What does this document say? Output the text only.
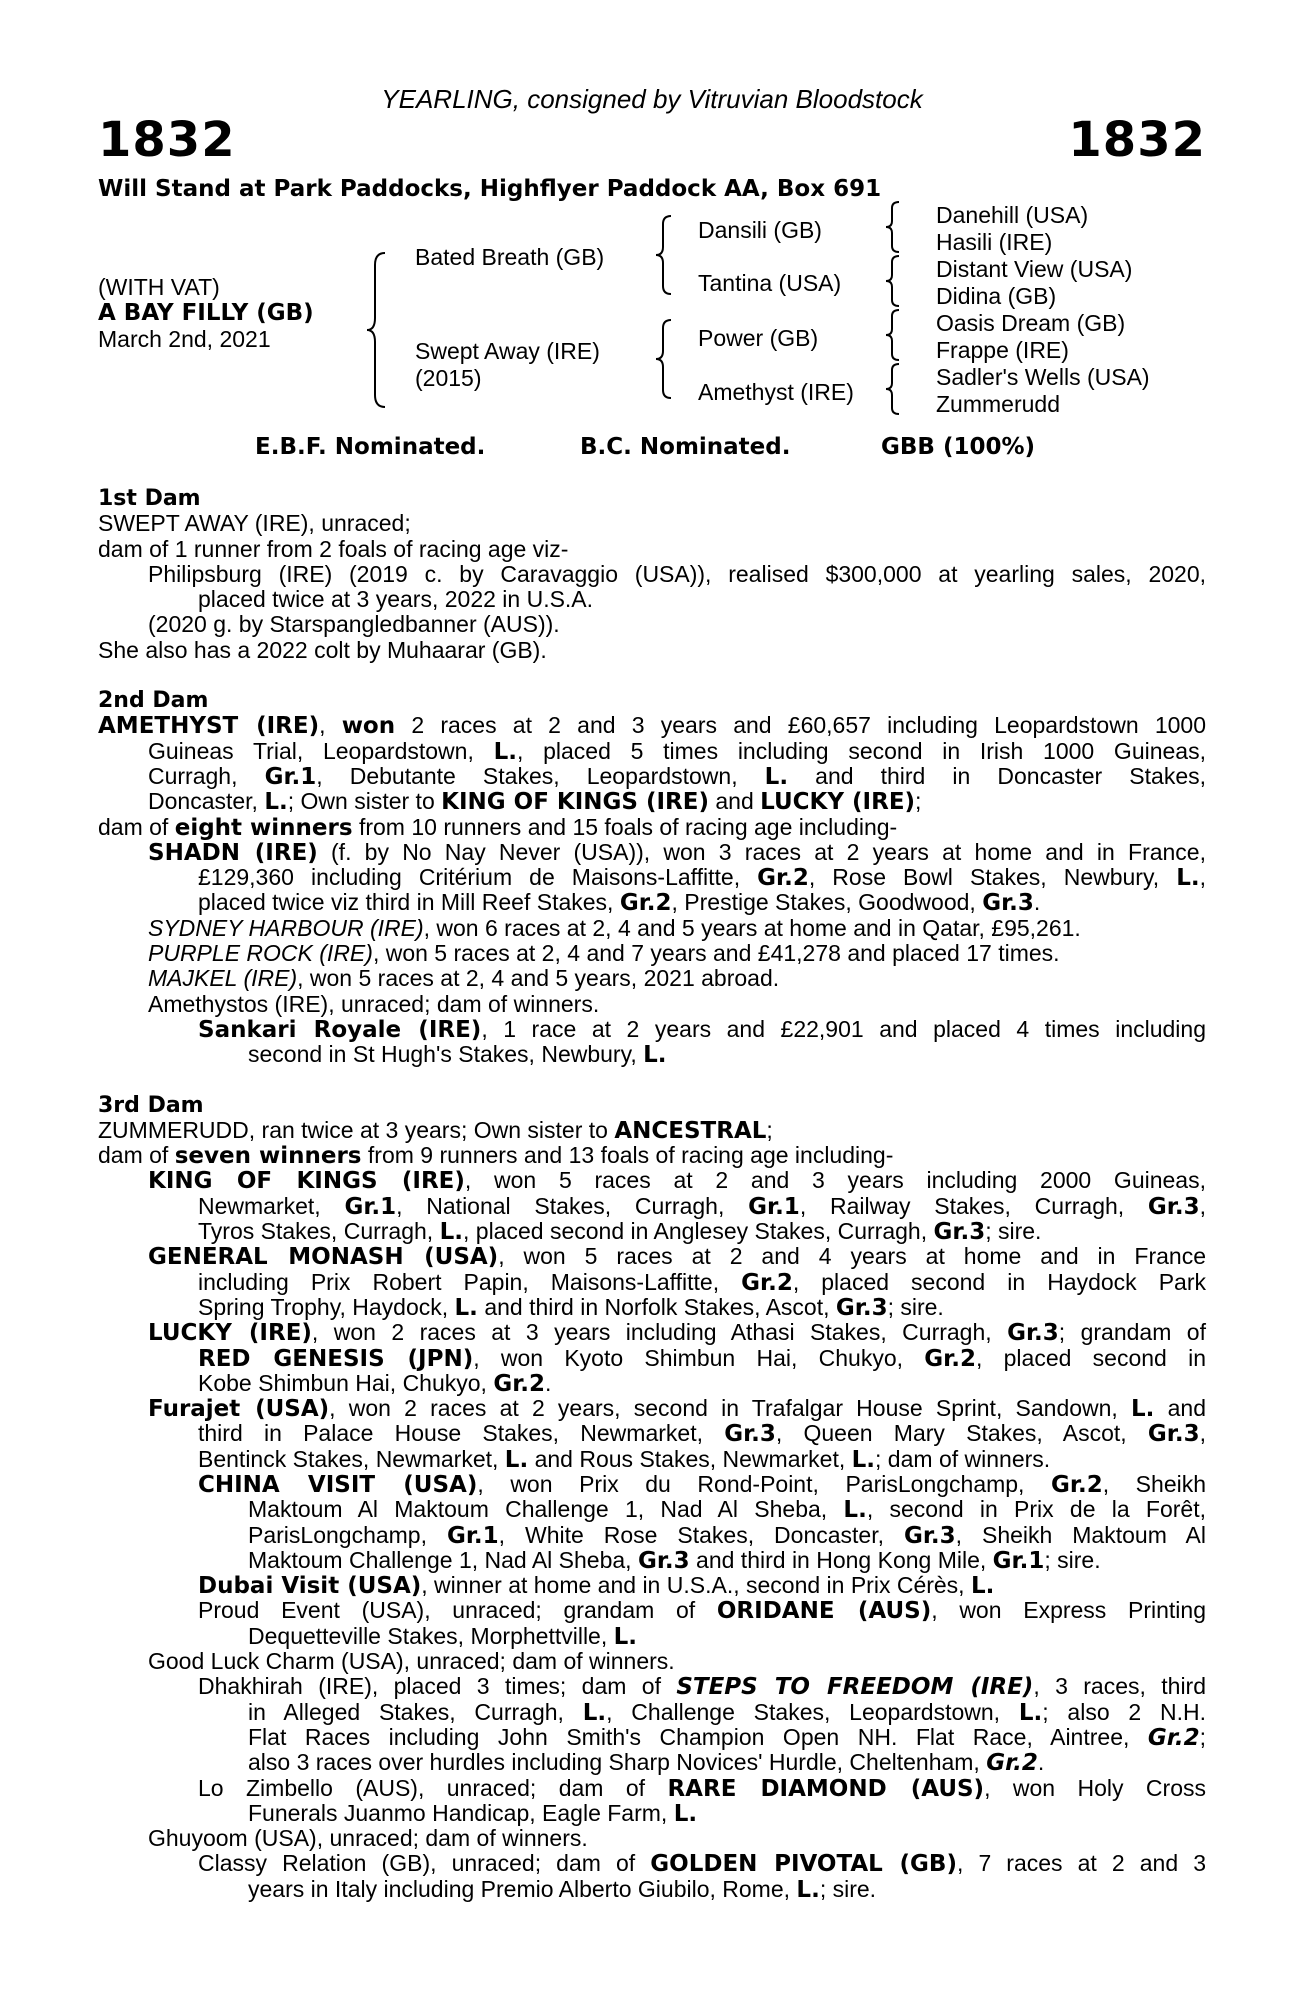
YEARLING, consigned by Vitruvian Bloodstock
1832	1832
Will Stand at Park Paddocks, Highflyer Paddock AA, Box 691
(WITH VAT)
A BAY FILLY (GB)
March 2nd, 2021
Bated Breath (GB)
Swept Away (IRE)
(2015)
Dansili (GB)
Tantina (USA)
Power (GB)
Amethyst (IRE)
Danehill (USA)
Hasili (IRE)
Distant View (USA)
Didina (GB)
Oasis Dream (GB)
Frappe (IRE)
Sadler's Wells (USA)
Zummerudd
E.B.F. Nominated.	B.C. Nominated.	GBB (100%)
1st Dam
SWEPT AWAY (IRE), unraced;
dam of 1 runner from 2 foals of racing age viz-
Philipsburg (IRE) (2019 c. by Caravaggio (USA)), realised $300,000 at yearling sales, 2020,
placed twice at 3 years, 2022 in U.S.A.
(2020 g. by Starspangledbanner (AUS)).
She also has a 2022 colt by Muhaarar (GB).
2nd Dam
AMETHYST (IRE), won 2 races at 2 and 3 years and £60,657 including Leopardstown 1000
Guineas Trial, Leopardstown, L., placed 5 times including second in Irish 1000 Guineas,
Curragh, Gr.1, Debutante Stakes, Leopardstown, L. and third in Doncaster Stakes,
Doncaster, L.; Own sister to KING OF KINGS (IRE) and LUCKY (IRE);
dam of eight winners from 10 runners and 15 foals of racing age including-
SHADN (IRE) (f. by No Nay Never (USA)), won 3 races at 2 years at home and in France,
£129,360 including Critérium de Maisons-Laffitte, Gr.2, Rose Bowl Stakes, Newbury, L.,
placed twice viz third in Mill Reef Stakes, Gr.2, Prestige Stakes, Goodwood, Gr.3.
SYDNEY HARBOUR (IRE), won 6 races at 2, 4 and 5 years at home and in Qatar, £95,261.
PURPLE ROCK (IRE), won 5 races at 2, 4 and 7 years and £41,278 and placed 17 times.
MAJKEL (IRE), won 5 races at 2, 4 and 5 years, 2021 abroad.
Amethystos (IRE), unraced; dam of winners.
Sankari Royale (IRE), 1 race at 2 years and £22,901 and placed 4 times including
second in St Hugh's Stakes, Newbury, L.
3rd Dam
ZUMMERUDD, ran twice at 3 years; Own sister to ANCESTRAL;
dam of seven winners from 9 runners and 13 foals of racing age including-
KING OF KINGS (IRE), won 5 races at 2 and 3 years including 2000 Guineas,
Newmarket, Gr.1, National Stakes, Curragh, Gr.1, Railway Stakes, Curragh, Gr.3,
Tyros Stakes, Curragh, L., placed second in Anglesey Stakes, Curragh, Gr.3; sire.
GENERAL MONASH (USA), won 5 races at 2 and 4 years at home and in France
including Prix Robert Papin, Maisons-Laffitte, Gr.2, placed second in Haydock Park
Spring Trophy, Haydock, L. and third in Norfolk Stakes, Ascot, Gr.3; sire.
LUCKY (IRE), won 2 races at 3 years including Athasi Stakes, Curragh, Gr.3; grandam of
RED GENESIS (JPN), won Kyoto Shimbun Hai, Chukyo, Gr.2, placed second in
Kobe Shimbun Hai, Chukyo, Gr.2.
Furajet (USA), won 2 races at 2 years, second in Trafalgar House Sprint, Sandown, L. and
third in Palace House Stakes, Newmarket, Gr.3, Queen Mary Stakes, Ascot, Gr.3,
Bentinck Stakes, Newmarket, L. and Rous Stakes, Newmarket, L.; dam of winners.
CHINA VISIT (USA), won Prix du Rond-Point, ParisLongchamp, Gr.2, Sheikh
Maktoum Al Maktoum Challenge 1, Nad Al Sheba, L., second in Prix de la Forêt,
ParisLongchamp, Gr.1, White Rose Stakes, Doncaster, Gr.3, Sheikh Maktoum Al
Maktoum Challenge 1, Nad Al Sheba, Gr.3 and third in Hong Kong Mile, Gr.1; sire.
Dubai Visit (USA), winner at home and in U.S.A., second in Prix Cérès, L.
Proud Event (USA), unraced; grandam of ORIDANE (AUS), won Express Printing
Dequetteville Stakes, Morphettville, L.
Good Luck Charm (USA), unraced; dam of winners.
Dhakhirah (IRE), placed 3 times; dam of STEPS TO FREEDOM (IRE), 3 races, third
in Alleged Stakes, Curragh, L., Challenge Stakes, Leopardstown, L.; also 2 N.H.
Flat Races including John Smith's Champion Open NH. Flat Race, Aintree, Gr.2;
also 3 races over hurdles including Sharp Novices' Hurdle, Cheltenham, Gr.2.
Lo Zimbello (AUS), unraced; dam of RARE DIAMOND (AUS), won Holy Cross
Funerals Juanmo Handicap, Eagle Farm, L.
Ghuyoom (USA), unraced; dam of winners.
Classy Relation (GB), unraced; dam of GOLDEN PIVOTAL (GB), 7 races at 2 and 3
years in Italy including Premio Alberto Giubilo, Rome, L.; sire.
